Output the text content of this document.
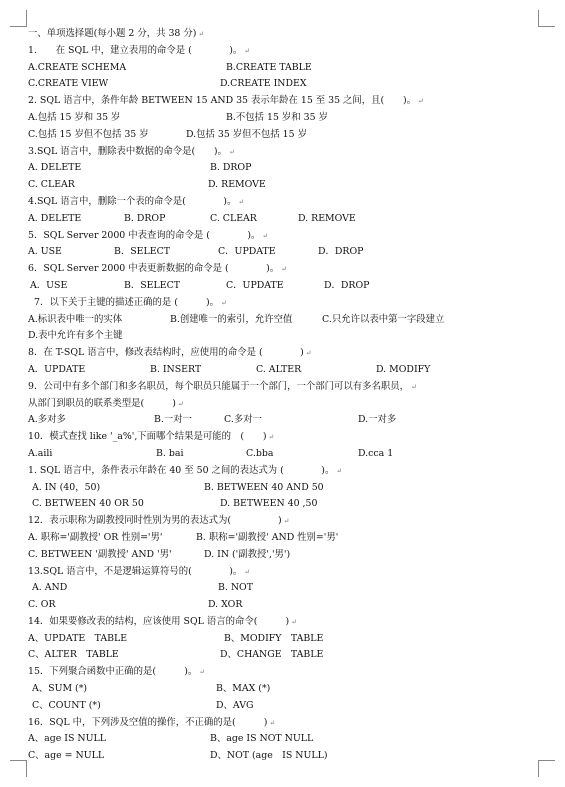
一、单项选择题(每小题 2 分，共 38 分) ↵
1.　　在 SQL 中，建立表用的命令是 (　　　　)。 ↵
A.CREATE SCHEMA	B.CREATE TABLE
C.CREATE VIEW	D.CREATE INDEX
2. SQL 语言中，条件年龄 BETWEEN 15 AND 35 表示年龄在 15 至 35 之间，且(　　)。 ↵
A.包括 15 岁和 35 岁	B.不包括 15 岁和 35 岁
C.包括 15 岁但不包括 35 岁	D.包括 35 岁但不包括 15 岁
3.SQL 语言中，删除表中数据的命令是(　　)。 ↵
A. DELETE	B. DROP
C. CLEAR	D. REMOVE
4.SQL 语言中，删除一个表的命令是(　　　　)。 ↵
A. DELETE	B. DROP	C. CLEAR	D. REMOVE
5．SQL Server 2000 中表查询的命令是 (　　　　)。 ↵
A. USE	B．SELECT	C．UPDATE	D．DROP
6．SQL Server 2000 中表更新数据的命令是 (　　　　)。 ↵
A．USE	B．SELECT	C．UPDATE	D．DROP
7．以下关于主键的描述正确的是 (　　　)。 ↵
A.标识表中唯一的实体	B.创建唯一的索引，允许空值	C.只允许以表中第一字段建立
D.表中允许有多个主键
8．在 T-SQL 语言中，修改表结构时，应使用的命令是 (　　　　) ↵
A．UPDATE	B. INSERT	C. ALTER	D. MODIFY
9．公司中有多个部门和多名职员，每个职员只能属于一个部门，一个部门可以有多名职员， ↵
从部门到职员的联系类型是(　　　) ↵
A.多对多	B.一对一	C.多对一	D.一对多
10．模式查找 like '_a%',下面哪个结果是可能的　(　　) ↵
A.aili	B. bai	C.bba	D.cca 1
1. SQL 语言中，条件表示年龄在 40 至 50 之间的表达式为 (　　　　)。 ↵
A. IN (40，50)	B. BETWEEN 40 AND 50
C. BETWEEN 40 OR 50	D. BETWEEN 40 ,50
12．表示职称为副教授同时性别为男的表达式为(　　　　　) ↵
A. 职称='副教授' OR 性别='男'	B. 职称='副教授' AND 性别='男'
C. BETWEEN '副教授' AND '男'	D. IN ('副教授','男')
13.SQL 语言中，不是逻辑运算符号的(　　　　)。 ↵
A. AND	B. NOT
C. OR	D. XOR
14．如果要修改表的结构，应该使用 SQL 语言的命令(　　　) ↵
A、UPDATE　TABLE	B、MODIFY　TABLE
C、ALTER　TABLE	D、CHANGE　TABLE
15．下列聚合函数中正确的是(　　　)。 ↵
A、SUM (*)	B、MAX (*)
C、COUNT (*)	D、AVG
16．SQL 中，下列涉及空值的操作，不正确的是(　　　) ↵
A、age IS NULL	B、age IS NOT NULL
C、age = NULL	D、NOT (age　IS NULL)
